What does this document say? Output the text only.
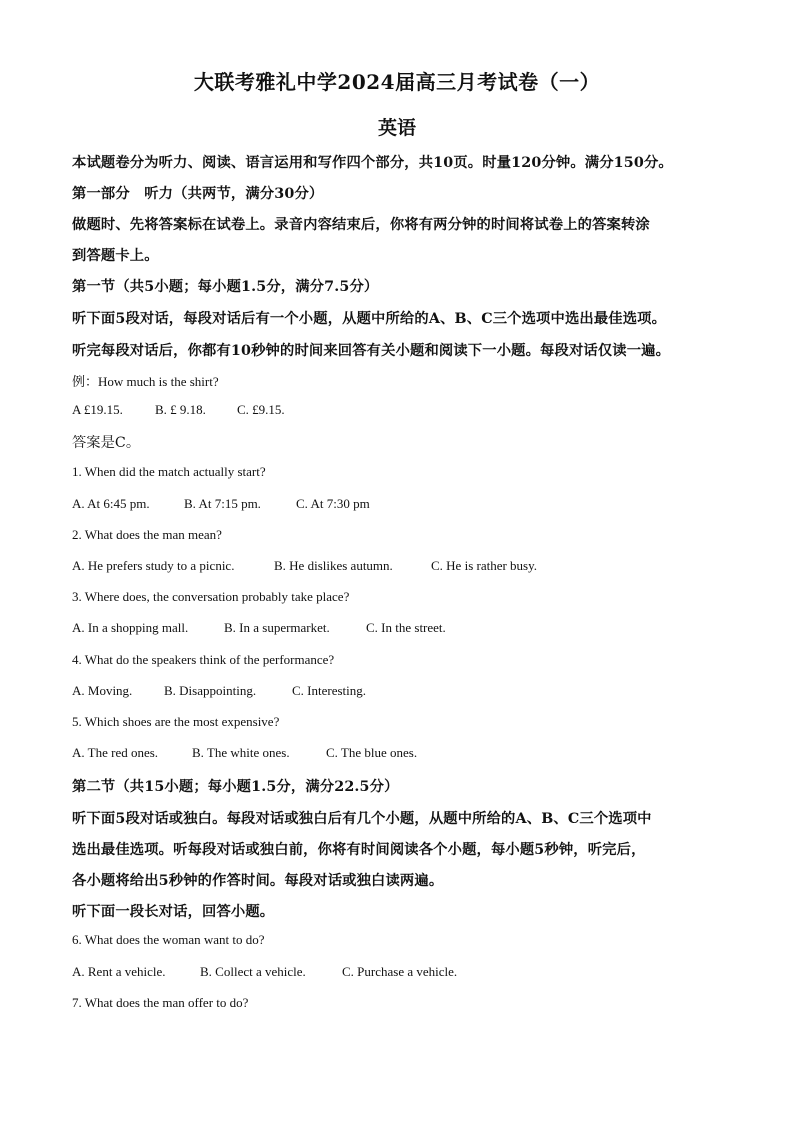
大联考雅礼中学2024届高三月考试卷（一）
英语
本试题卷分为听力、阅读、语言运用和写作四个部分，共10页。时量120分钟。满分150分。
第一部分　听力（共两节，满分30分）
做题时、先将答案标在试卷上。录音内容结束后，你将有两分钟的时间将试卷上的答案转涂
到答题卡上。
第一节（共5小题；每小题1.5分，满分7.5分）
听下面5段对话，每段对话后有一个小题，从题中所给的A、B、C三个选项中选出最佳选项。
听完每段对话后，你都有10秒钟的时间来回答有关小题和阅读下一小题。每段对话仅读一遍。
例：How much is the shirt?
A £19.15. B. £ 9.18. C. £9.15.
答案是C。
1. When did the match actually start?
A. At 6:45 pm.	B. At 7:15 pm.	C. At 7:30 pm
2. What does the man mean?
A. He prefers study to a picnic.	B. He dislikes autumn.	C. He is rather busy.
3. Where does, the conversation probably take place?
A. In a shopping mall.	B. In a supermarket.	C. In the street.
4. What do the speakers think of the performance?
A. Moving. B. Disappointing.	C. Interesting.
5. Which shoes are the most expensive?
A. The red ones.	B. The white ones.	C. The blue ones.
第二节（共15小题；每小题1.5分，满分22.5分）
听下面5段对话或独白。每段对话或独白后有几个小题，从题中所给的A、B、C三个选项中
选出最佳选项。听每段对话或独白前，你将有时间阅读各个小题，每小题5秒钟，听完后，
各小题将给出5秒钟的作答时间。每段对话或独白读两遍。
听下面一段长对话，回答小题。
6. What does the woman want to do?
A. Rent a vehicle.	B. Collect a vehicle.	C. Purchase a vehicle.
7. What does the man offer to do?
